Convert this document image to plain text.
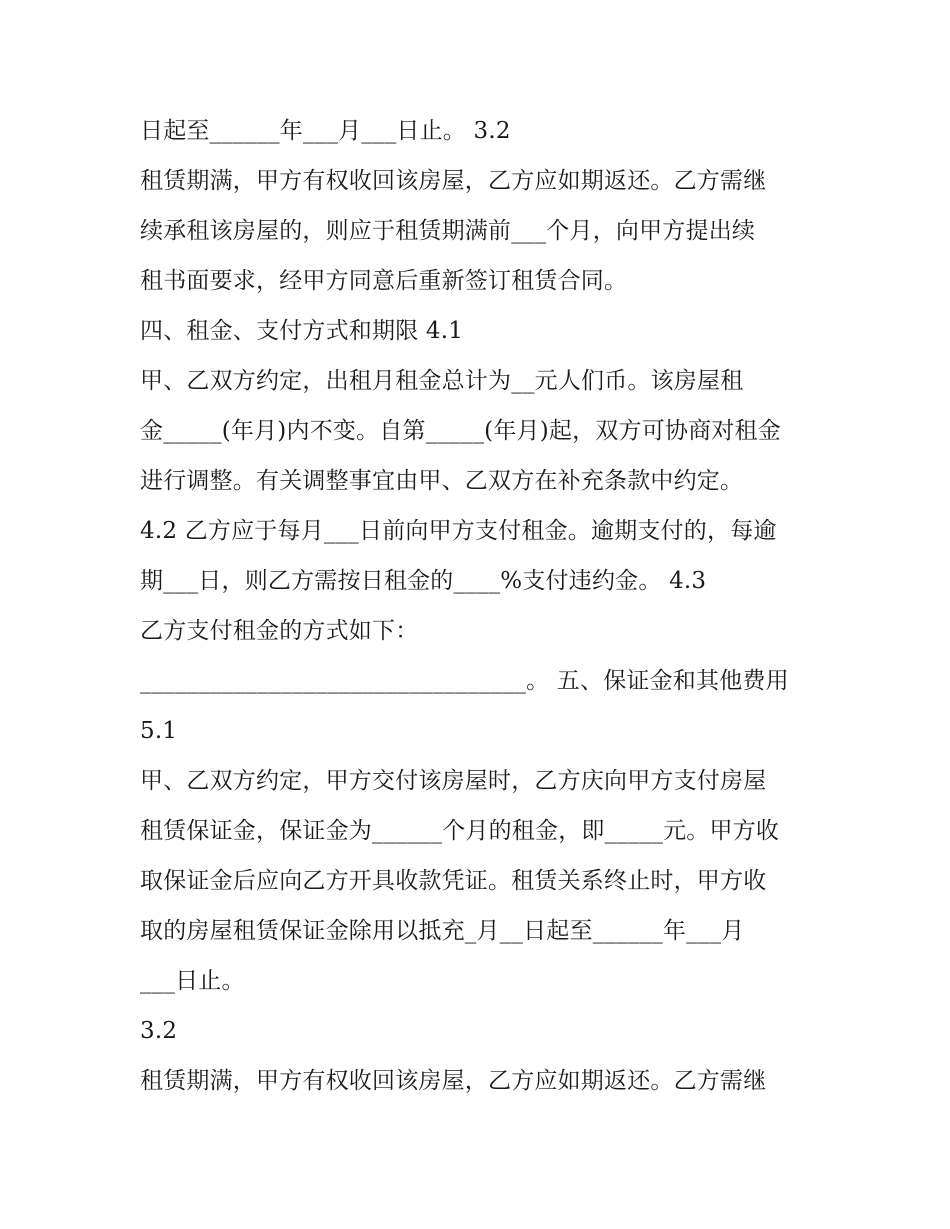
日起至______年___月___日止。 3.2
租赁期满，甲方有权收回该房屋，乙方应如期返还。乙方需继
续承租该房屋的，则应于租赁期满前___个月，向甲方提出续
租书面要求，经甲方同意后重新签订租赁合同。
四、租金、支付方式和期限 4.1
甲、乙双方约定，出租月租金总计为__元人们币。该房屋租
金_____(年月)内不变。自第_____(年月)起，双方可协商对租金
进行调整。有关调整事宜由甲、乙双方在补充条款中约定。
4.2 乙方应于每月___日前向甲方支付租金。逾期支付的，每逾
期___日，则乙方需按日租金的____%支付违约金。 4.3
乙方支付租金的方式如下：
_________________________________。 五、保证金和其他费用
5.1
甲、乙双方约定，甲方交付该房屋时，乙方庆向甲方支付房屋
租赁保证金，保证金为______个月的租金，即_____元。甲方收
取保证金后应向乙方开具收款凭证。租赁关系终止时，甲方收
取的房屋租赁保证金除用以抵充_月__日起至______年___月
___日止。
3.2
租赁期满，甲方有权收回该房屋，乙方应如期返还。乙方需继
